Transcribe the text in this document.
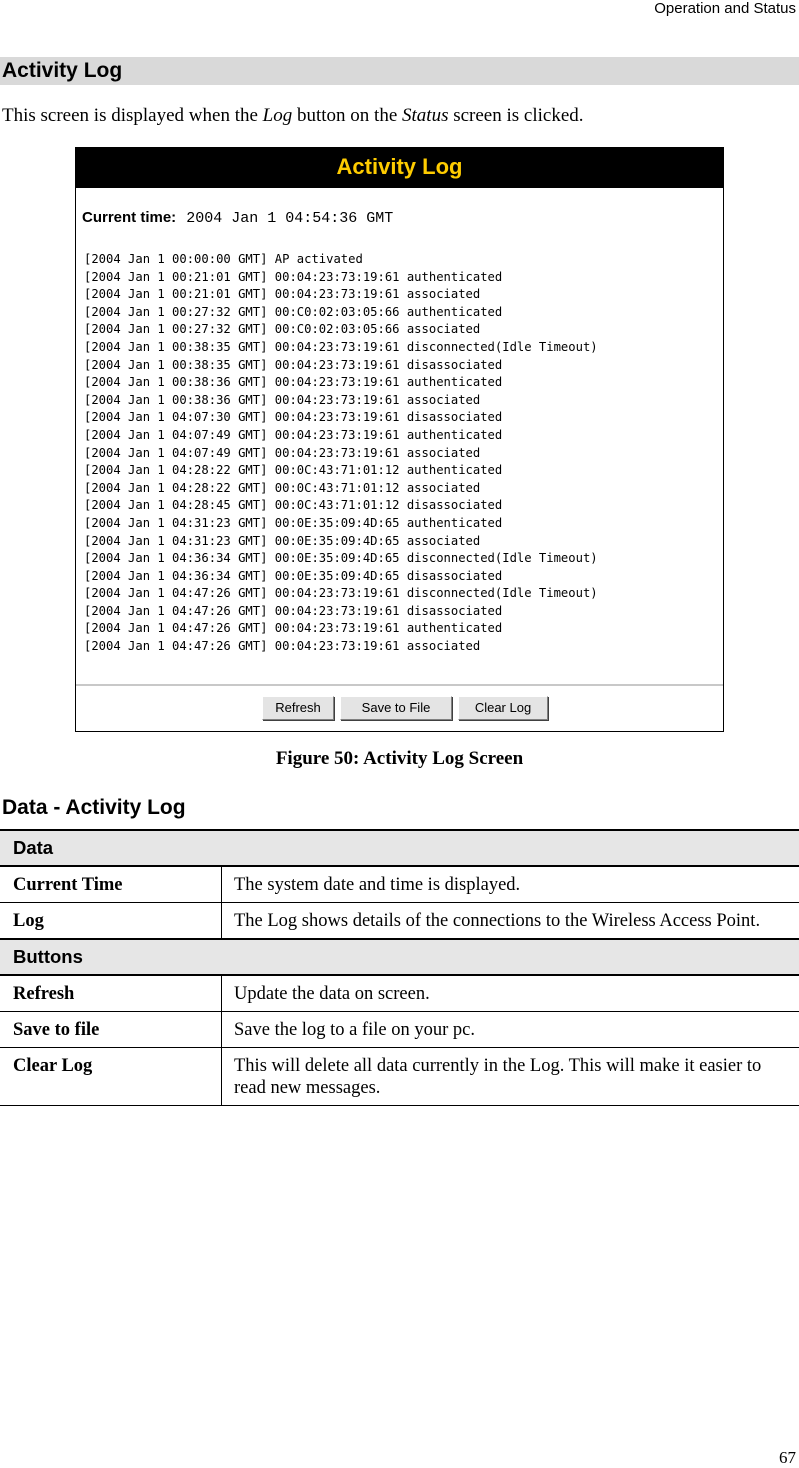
Operation and Status
Activity Log

This screen is displayed when the Log button on the Status screen is clicked.

Activity Log
Current time: 2004 Jan 1 04:54:36 GMT
[2004 Jan 1 00:00:00 GMT] AP activated
[2004 Jan 1 00:21:01 GMT] 00:04:23:73:19:61 authenticated
[2004 Jan 1 00:21:01 GMT] 00:04:23:73:19:61 associated
[2004 Jan 1 00:27:32 GMT] 00:C0:02:03:05:66 authenticated
[2004 Jan 1 00:27:32 GMT] 00:C0:02:03:05:66 associated
[2004 Jan 1 00:38:35 GMT] 00:04:23:73:19:61 disconnected(Idle Timeout)
[2004 Jan 1 00:38:35 GMT] 00:04:23:73:19:61 disassociated
[2004 Jan 1 00:38:36 GMT] 00:04:23:73:19:61 authenticated
[2004 Jan 1 00:38:36 GMT] 00:04:23:73:19:61 associated
[2004 Jan 1 04:07:30 GMT] 00:04:23:73:19:61 disassociated
[2004 Jan 1 04:07:49 GMT] 00:04:23:73:19:61 authenticated
[2004 Jan 1 04:07:49 GMT] 00:04:23:73:19:61 associated
[2004 Jan 1 04:28:22 GMT] 00:0C:43:71:01:12 authenticated
[2004 Jan 1 04:28:22 GMT] 00:0C:43:71:01:12 associated
[2004 Jan 1 04:28:45 GMT] 00:0C:43:71:01:12 disassociated
[2004 Jan 1 04:31:23 GMT] 00:0E:35:09:4D:65 authenticated
[2004 Jan 1 04:31:23 GMT] 00:0E:35:09:4D:65 associated
[2004 Jan 1 04:36:34 GMT] 00:0E:35:09:4D:65 disconnected(Idle Timeout)
[2004 Jan 1 04:36:34 GMT] 00:0E:35:09:4D:65 disassociated
[2004 Jan 1 04:47:26 GMT] 00:04:23:73:19:61 disconnected(Idle Timeout)
[2004 Jan 1 04:47:26 GMT] 00:04:23:73:19:61 disassociated
[2004 Jan 1 04:47:26 GMT] 00:04:23:73:19:61 authenticated
[2004 Jan 1 04:47:26 GMT] 00:04:23:73:19:61 associated
Refresh	Save to File	Clear Log
Figure 50: Activity Log Screen
Data - Activity Log
Data	
Current Time	The system date and time is displayed.
Log	The Log shows details of the connections to the Wireless Access Point.
Buttons	
Refresh	Update the data on screen.
Save to file	Save the log to a file on your pc.
Clear Log	This will delete all data currently in the Log. This will make it easier to read new messages.
67
